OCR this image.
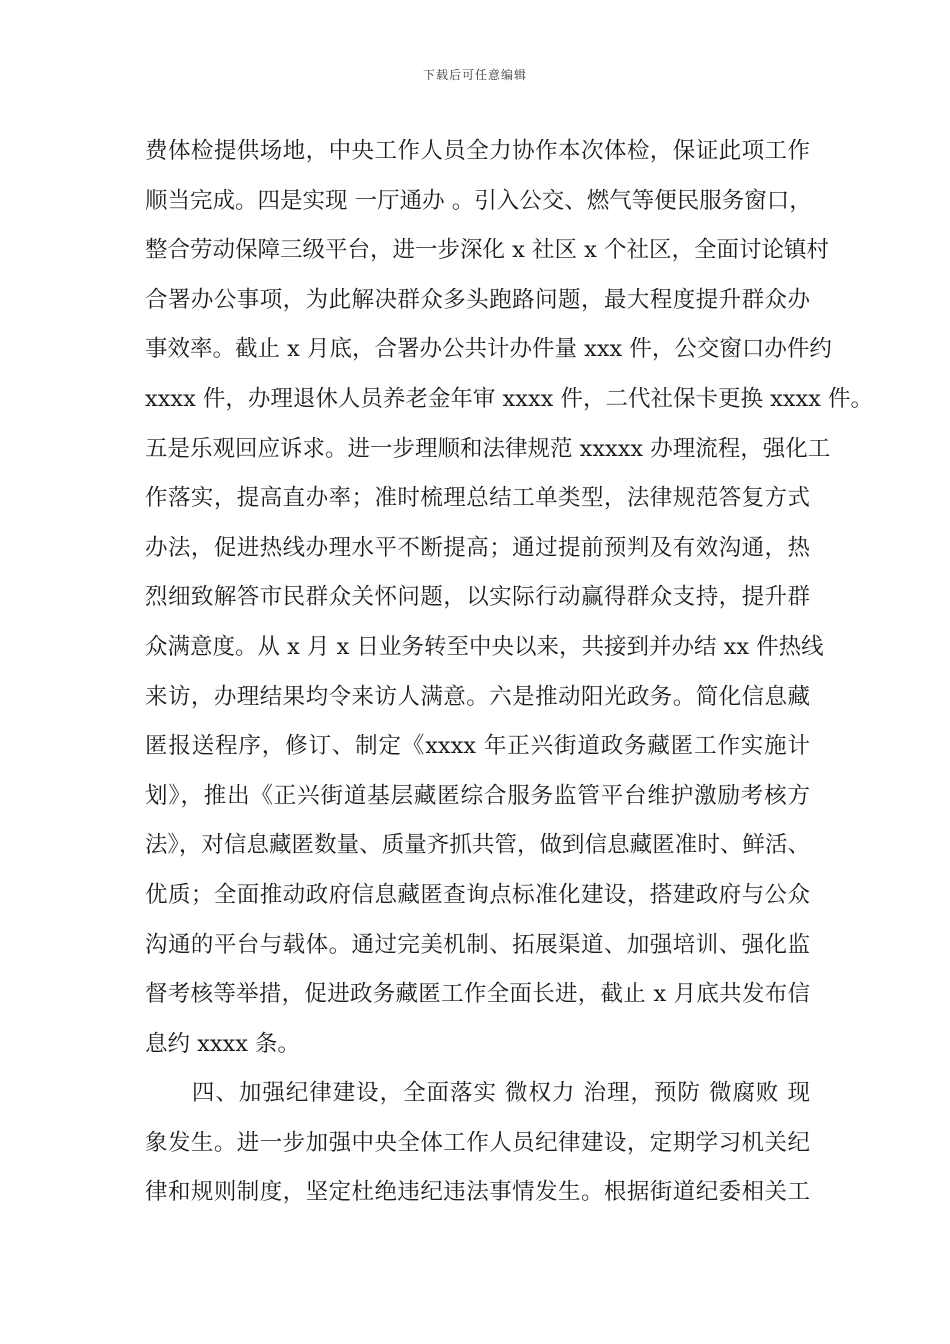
下载后可任意编辑
费体检提供场地，中央工作人员全力协作本次体检，保证此项工作
顺当完成。四是实现 一厅通办 。引入公交、燃气等便民服务窗口，
整合劳动保障三级平台，进一步深化 x 社区 x 个社区，全面讨论镇村
合署办公事项，为此解决群众多头跑路问题，最大程度提升群众办
事效率。截止 x 月底，合署办公共计办件量 xxx 件，公交窗口办件约
xxxx 件，办理退休人员养老金年审 xxxx 件，二代社保卡更换 xxxx 件。
五是乐观回应诉求。进一步理顺和法律规范 xxxxx 办理流程，强化工
作落实，提高直办率；准时梳理总结工单类型，法律规范答复方式
办法，促进热线办理水平不断提高；通过提前预判及有效沟通，热
烈细致解答市民群众关怀问题，以实际行动赢得群众支持，提升群
众满意度。从 x 月 x 日业务转至中央以来，共接到并办结 xx 件热线
来访，办理结果均令来访人满意。六是推动阳光政务。简化信息藏
匿报送程序，修订、制定《xxxx 年正兴街道政务藏匿工作实施计
划》，推出《正兴街道基层藏匿综合服务监管平台维护激励考核方
法》，对信息藏匿数量、质量齐抓共管，做到信息藏匿准时、鲜活、
优质；全面推动政府信息藏匿查询点标准化建设，搭建政府与公众
沟通的平台与载体。通过完美机制、拓展渠道、加强培训、强化监
督考核等举措，促进政务藏匿工作全面长进，截止 x 月底共发布信
息约 xxxx 条。
　　四、加强纪律建设，全面落实 微权力 治理，预防 微腐败 现
象发生。进一步加强中央全体工作人员纪律建设，定期学习机关纪
律和规则制度，坚定杜绝违纪违法事情发生。根据街道纪委相关工
